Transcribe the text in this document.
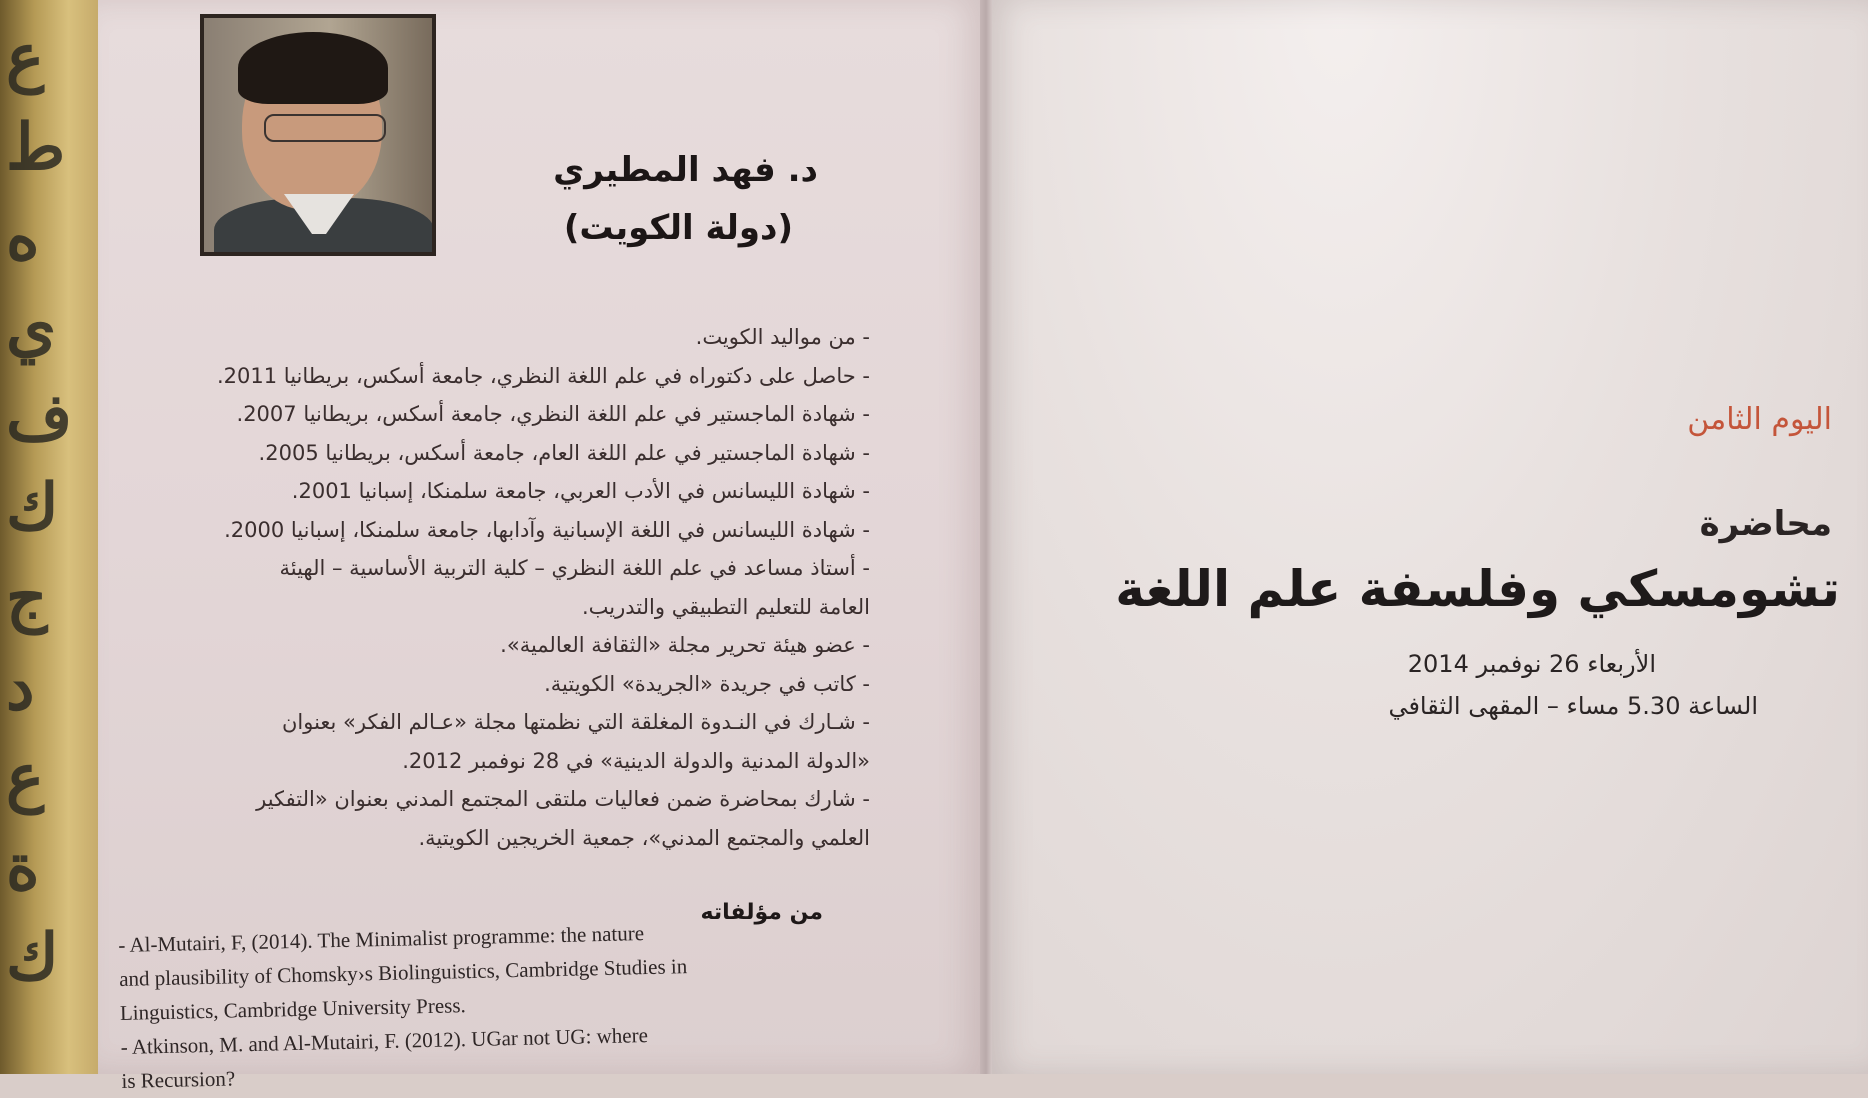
ع
ط
ه
ي
ف
ك
ج
د
ع
ة
ك
د. فهد المطيري
(دولة الكويت)
- من مواليد الكويت.
- حاصل على دكتوراه في علم اللغة النظري، جامعة أسكس، بريطانيا 2011.
- شهادة الماجستير في علم اللغة النظري، جامعة أسكس، بريطانيا 2007.
- شهادة الماجستير في علم اللغة العام، جامعة أسكس، بريطانيا 2005.
- شهادة الليسانس في الأدب العربي، جامعة سلمنكا، إسبانيا 2001.
- شهادة الليسانس في اللغة الإسبانية وآدابها، جامعة سلمنكا، إسبانيا 2000.
- أستاذ مساعد في علم اللغة النظري – كلية التربية الأساسية – الهيئة
العامة للتعليم التطبيقي والتدريب.
- عضو هيئة تحرير مجلة «الثقافة العالمية».
- كاتب في جريدة «الجريدة» الكويتية.
- شـارك في النـدوة المغلقة التي نظمتها مجلة «عـالم الفكر» بعنوان
«الدولة المدنية والدولة الدينية» في 28 نوفمبر 2012.
- شارك بمحاضرة ضمن فعاليات ملتقى المجتمع المدني بعنوان «التفكير
العلمي والمجتمع المدني»، جمعية الخريجين الكويتية.
من مؤلفاته
- Al-Mutairi, F, (2014). The Minimalist programme: the nature
and plausibility of Chomsky›s Biolinguistics, Cambridge Studies in
Linguistics, Cambridge University Press.
- Atkinson, M. and Al-Mutairi, F. (2012). UGar not UG: where
is Recursion?
اليوم الثامن
محاضرة
تشومسكي وفلسفة علم اللغة
الأربعاء 26 نوفمبر 2014
الساعة 5.30 مساء – المقهى الثقافي
